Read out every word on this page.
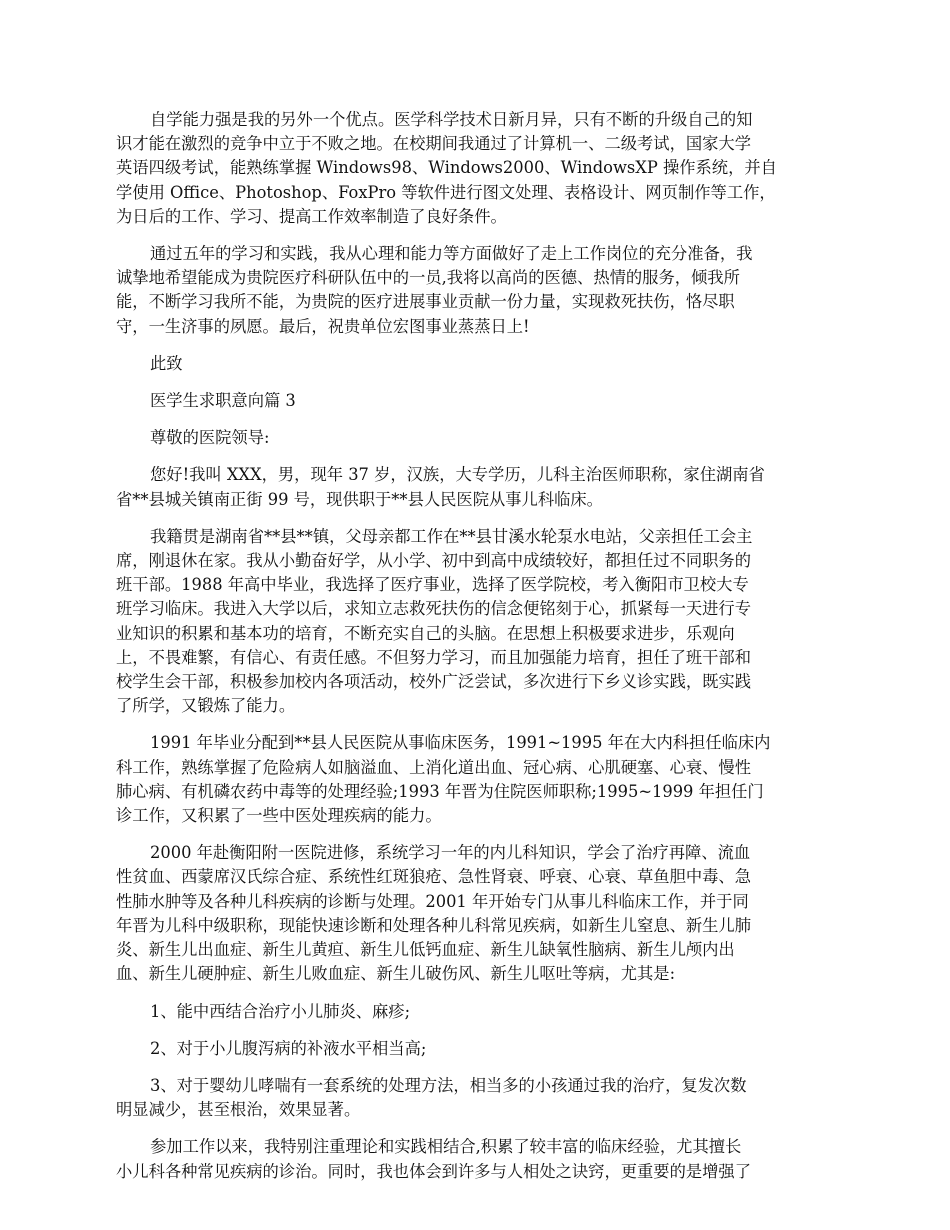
自学能力强是我的另外一个优点。医学科学技术日新月异，只有不断的升级自己的知
识才能在激烈的竞争中立于不败之地。在校期间我通过了计算机一、二级考试，国家大学
英语四级考试，能熟练掌握 Windows98、Windows2000、WindowsXP 操作系统，并自
学使用 Office、Photoshop、FoxPro 等软件进行图文处理、表格设计、网页制作等工作，
为日后的工作、学习、提高工作效率制造了良好条件。

通过五年的学习和实践，我从心理和能力等方面做好了走上工作岗位的充分准备，我
诚挚地希望能成为贵院医疗科研队伍中的一员,我将以高尚的医德、热情的服务，倾我所
能，不断学习我所不能，为贵院的医疗进展事业贡献一份力量，实现救死扶伤，恪尽职
守，一生济事的夙愿。最后，祝贵单位宏图事业蒸蒸日上!

此致

医学生求职意向篇 3

尊敬的医院领导:

您好!我叫 XXX，男，现年 37 岁，汉族，大专学历，儿科主治医师职称，家住湖南省
省**县城关镇南正街 99 号，现供职于**县人民医院从事儿科临床。

我籍贯是湖南省**县**镇，父母亲都工作在**县甘溪水轮泵水电站，父亲担任工会主
席，刚退休在家。我从小勤奋好学，从小学、初中到高中成绩较好，都担任过不同职务的
班干部。1988 年高中毕业，我选择了医疗事业，选择了医学院校，考入衡阳市卫校大专
班学习临床。我进入大学以后，求知立志救死扶伤的信念便铭刻于心，抓紧每一天进行专
业知识的积累和基本功的培育，不断充实自己的头脑。在思想上积极要求进步，乐观向
上，不畏难繁，有信心、有责任感。不但努力学习，而且加强能力培育，担任了班干部和
校学生会干部，积极参加校内各项活动，校外广泛尝试，多次进行下乡义诊实践，既实践
了所学，又锻炼了能力。

1991 年毕业分配到**县人民医院从事临床医务，1991~1995 年在大内科担任临床内
科工作，熟练掌握了危险病人如脑溢血、上消化道出血、冠心病、心肌硬塞、心衰、慢性
肺心病、有机磷农药中毒等的处理经验;1993 年晋为住院医师职称;1995~1999 年担任门
诊工作，又积累了一些中医处理疾病的能力。

2000 年赴衡阳附一医院进修，系统学习一年的内儿科知识，学会了治疗再障、流血
性贫血、西蒙席汉氏综合症、系统性红斑狼疮、急性肾衰、呼衰、心衰、草鱼胆中毒、急
性肺水肿等及各种儿科疾病的诊断与处理。2001 年开始专门从事儿科临床工作，并于同
年晋为儿科中级职称，现能快速诊断和处理各种儿科常见疾病，如新生儿窒息、新生儿肺
炎、新生儿出血症、新生儿黄疸、新生儿低钙血症、新生儿缺氧性脑病、新生儿颅内出
血、新生儿硬肿症、新生儿败血症、新生儿破伤风、新生儿呕吐等病，尤其是:

1、能中西结合治疗小儿肺炎、麻疹;

2、对于小儿腹泻病的补液水平相当高;

3、对于婴幼儿哮喘有一套系统的处理方法，相当多的小孩通过我的治疗，复发次数
明显减少，甚至根治，效果显著。

参加工作以来，我特别注重理论和实践相结合,积累了较丰富的临床经验，尤其擅长
小儿科各种常见疾病的诊治。同时，我也体会到许多与人相处之诀窍，更重要的是增强了
